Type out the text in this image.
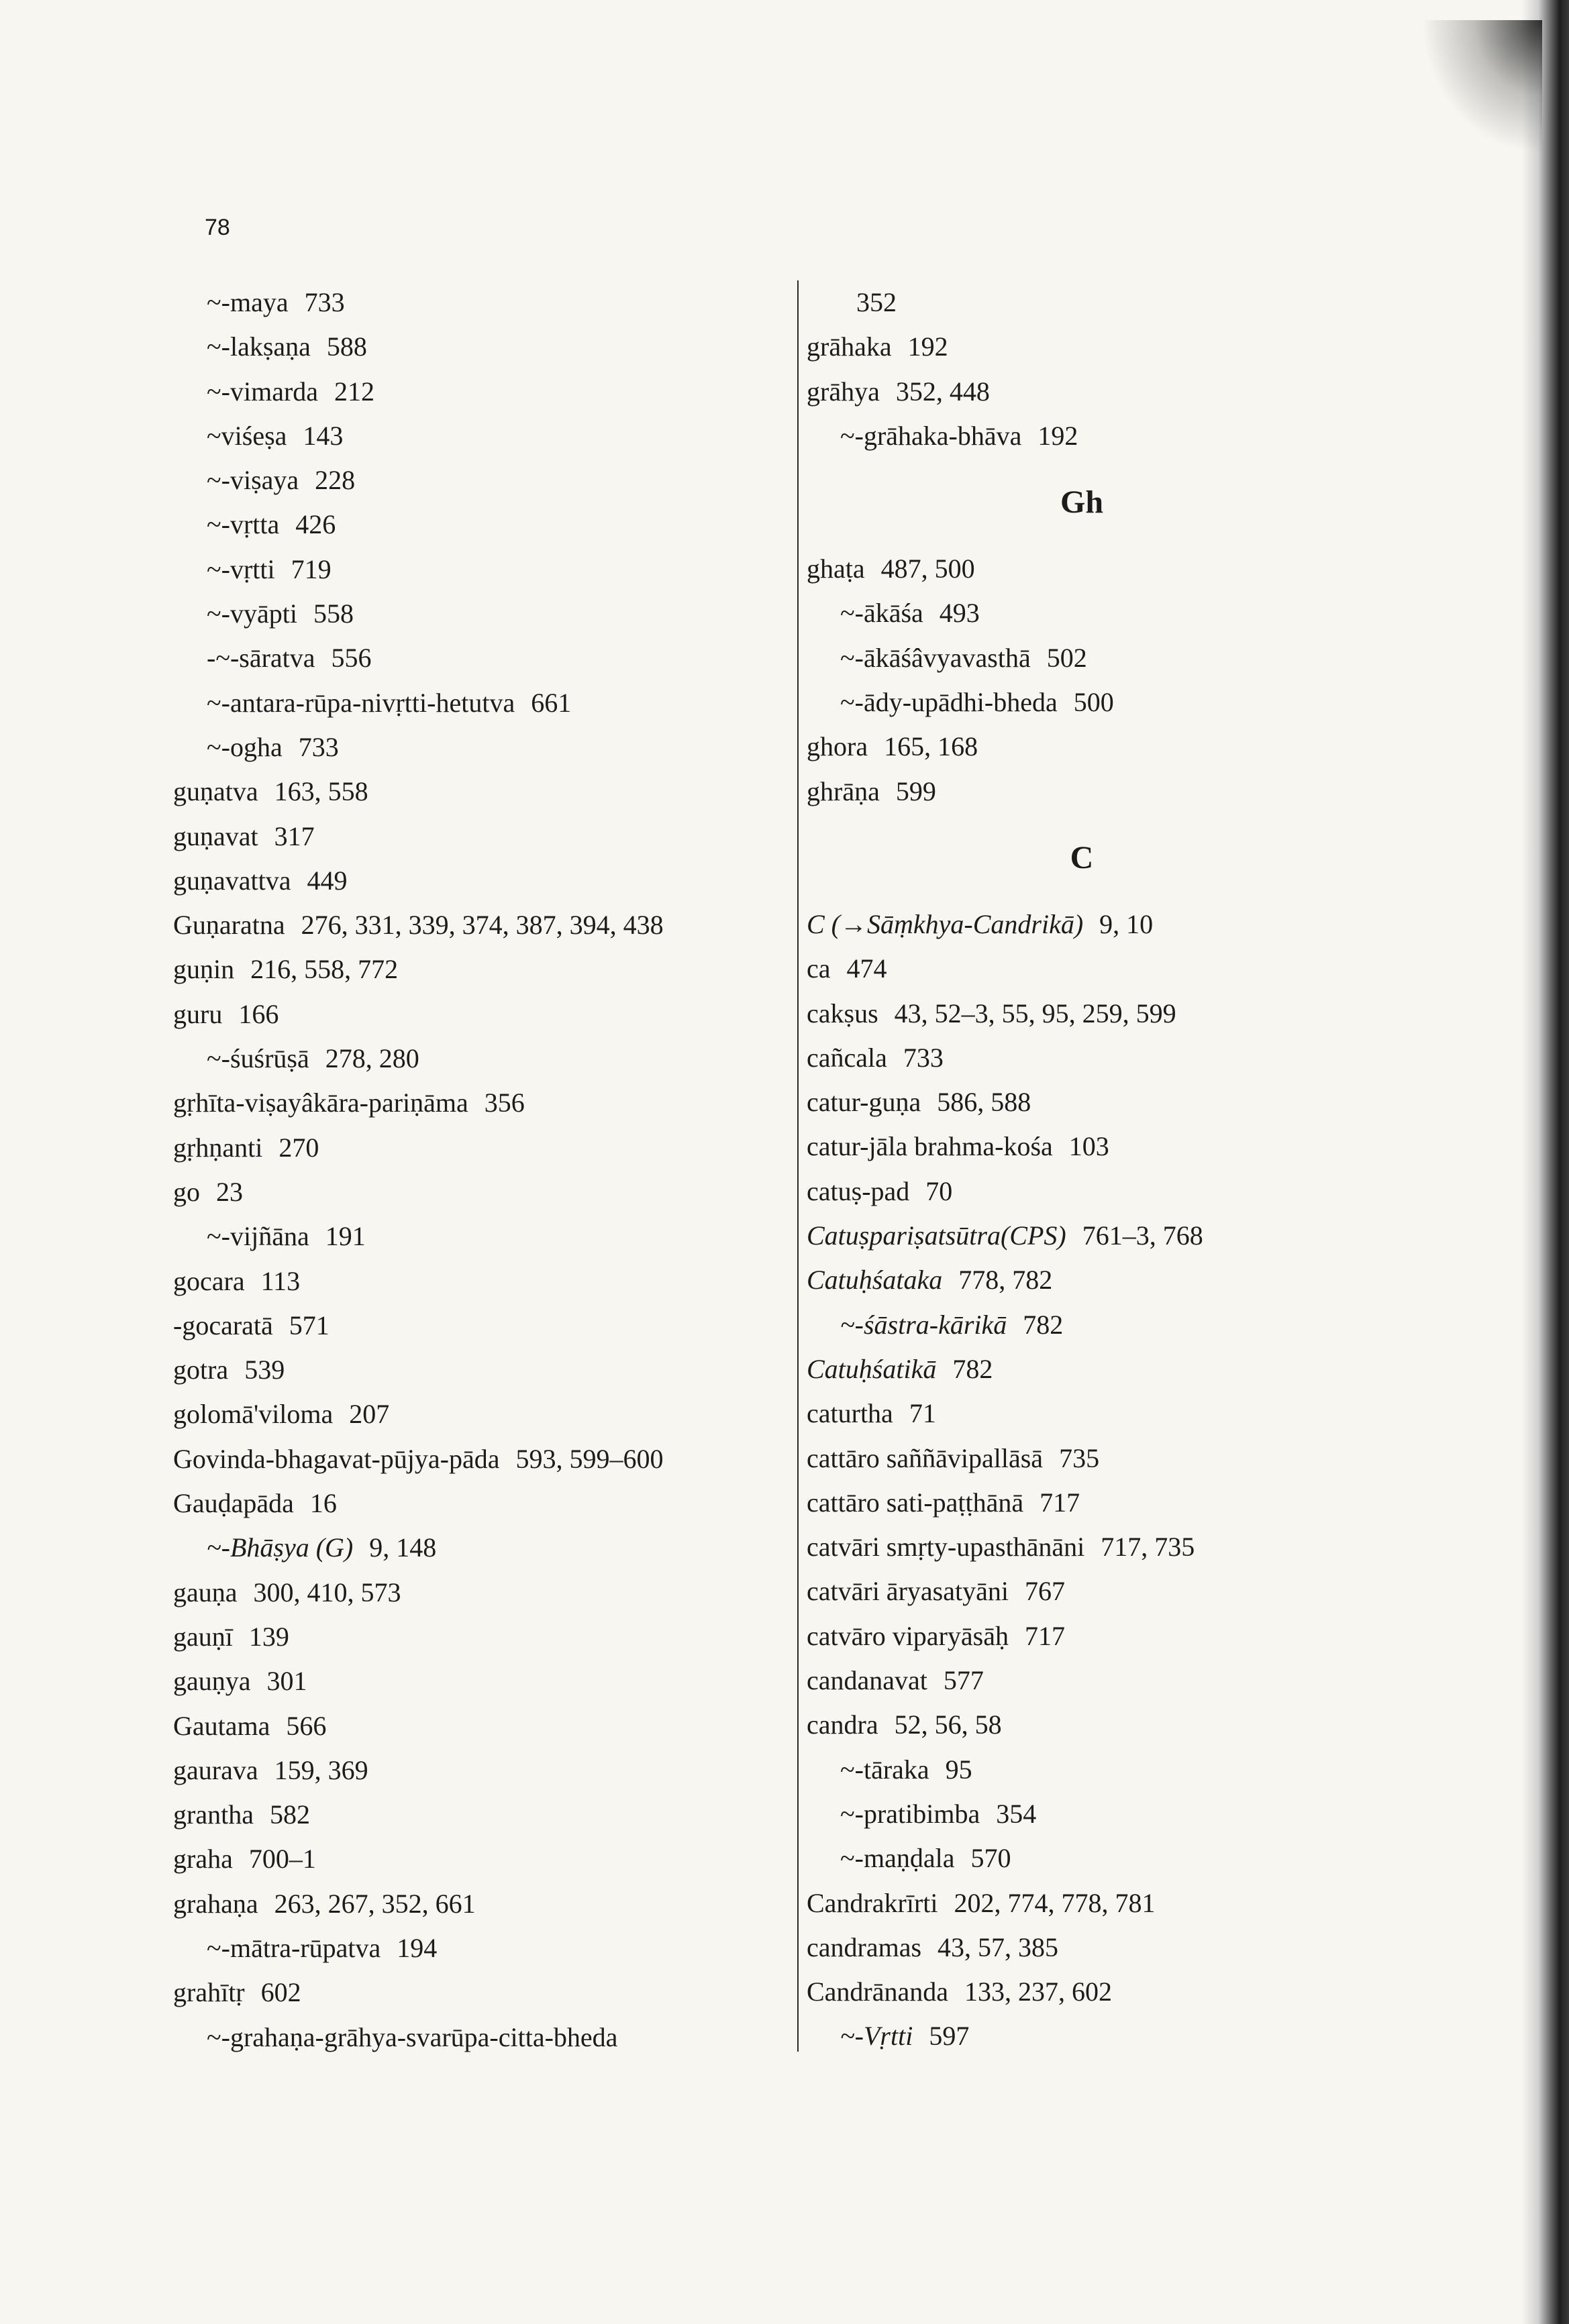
78
~-maya 733
~-lakṣaṇa 588
~-vimarda 212
~viśeṣa 143
~-viṣaya 228
~-vṛtta 426
~-vṛtti 719
~-vyāpti 558
-~-sāratva 556
~-antara-rūpa-nivṛtti-hetutva 661
~-ogha 733
guṇatva 163, 558
guṇavat 317
guṇavattva 449
Guṇaratna 276, 331, 339, 374, 387, 394, 438
guṇin 216, 558, 772
guru 166
~-śuśrūṣā 278, 280
gṛhīta-viṣayâkāra-pariṇāma 356
gṛhṇanti 270
go 23
~-vijñāna 191
gocara 113
-gocaratā 571
gotra 539
golomā'viloma 207
Govinda-bhagavat-pūjya-pāda 593, 599–600
Gauḍapāda 16
~-Bhāṣya (G) 9, 148
gauṇa 300, 410, 573
gauṇī 139
gauṇya 301
Gautama 566
gaurava 159, 369
grantha 582
graha 700–1
grahaṇa 263, 267, 352, 661
~-mātra-rūpatva 194
grahītṛ 602
~-grahaṇa-grāhya-svarūpa-citta-bheda
352
grāhaka 192
grāhya 352, 448
~-grāhaka-bhāva 192
Gh
ghaṭa 487, 500
~-ākāśa 493
~-ākāśâvyavasthā 502
~-ādy-upādhi-bheda 500
ghora 165, 168
ghrāṇa 599
C
C (→Sāṃkhya-Candrikā) 9, 10
ca 474
cakṣus 43, 52–3, 55, 95, 259, 599
cañcala 733
catur-guṇa 586, 588
catur-jāla brahma-kośa 103
catuṣ-pad 70
Catuṣpariṣatsūtra(CPS) 761–3, 768
Catuḥśataka 778, 782
~-śāstra-kārikā 782
Catuḥśatikā 782
caturtha 71
cattāro saññāvipallāsā 735
cattāro sati-paṭṭhānā 717
catvāri smṛty-upasthānāni 717, 735
catvāri āryasatyāni 767
catvāro viparyāsāḥ 717
candanavat 577
candra 52, 56, 58
~-tāraka 95
~-pratibimba 354
~-maṇḍala 570
Candrakrīrti 202, 774, 778, 781
candramas 43, 57, 385
Candrānanda 133, 237, 602
~-Vṛtti 597
